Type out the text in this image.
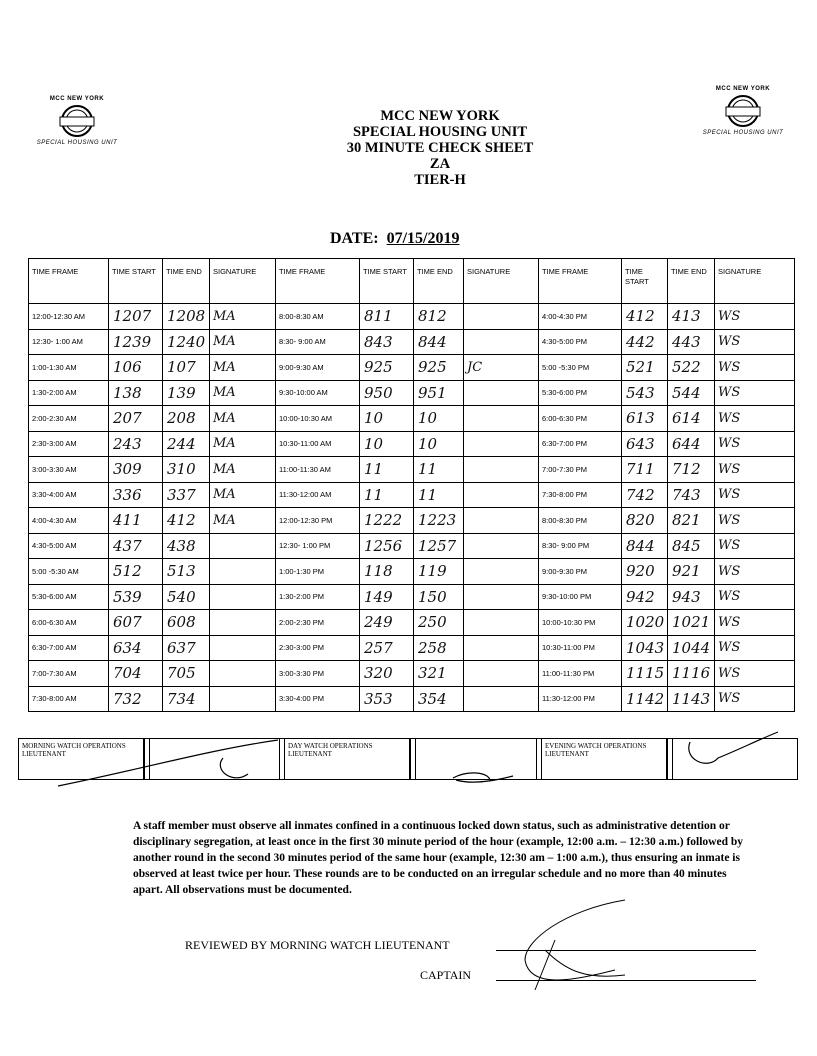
MCC NEW YORK
SPECIAL HOUSING UNIT
MCC NEW YORK
SPECIAL HOUSING UNIT
MCC NEW YORK
SPECIAL HOUSING UNIT
30 MINUTE CHECK SHEET
ZA
TIER-H
DATE: 07/15/2019
TIME FRAME	TIME START	TIME END	SIGNATURE	TIME FRAME	TIME START	TIME END	SIGNATURE	TIME FRAME	TIME START	TIME END	SIGNATURE
12:00-12:30 AM	1207	1208	MA	8:00-8:30 AM	811	812		4:00-4:30 PM	412	413	WS
12:30- 1:00 AM	1239	1240	MA	8:30- 9:00 AM	843	844		4:30-5:00 PM	442	443	WS
1:00-1:30 AM	106	107	MA	9:00-9:30 AM	925	925	JC	5:00 -5:30 PM	521	522	WS
1:30-2:00 AM	138	139	MA	9:30-10:00 AM	950	951		5:30-6:00 PM	543	544	WS
2:00-2:30 AM	207	208	MA	10:00-10:30 AM	10	10		6:00-6:30 PM	613	614	WS
2:30-3:00 AM	243	244	MA	10:30-11:00 AM	10	10		6:30-7:00 PM	643	644	WS
3:00-3:30 AM	309	310	MA	11:00-11:30 AM	11	11		7:00-7:30 PM	711	712	WS
3:30-4:00 AM	336	337	MA	11:30-12:00 AM	11	11		7:30-8:00 PM	742	743	WS
4:00-4:30 AM	411	412	MA	12:00-12:30 PM	1222	1223		8:00-8:30 PM	820	821	WS
4:30-5:00 AM	437	438		12:30- 1:00 PM	1256	1257		8:30- 9:00 PM	844	845	WS
5:00 -5:30 AM	512	513		1:00-1:30 PM	118	119		9:00-9:30 PM	920	921	WS
5:30-6:00 AM	539	540		1:30-2:00 PM	149	150		9:30-10:00 PM	942	943	WS
6:00-6:30 AM	607	608		2:00-2:30 PM	249	250		10:00-10:30 PM	1020	1021	WS
6:30-7:00 AM	634	637		2:30-3:00 PM	257	258		10:30-11:00 PM	1043	1044	WS
7:00-7:30 AM	704	705		3:00-3:30 PM	320	321		11:00-11:30 PM	1115	1116	WS
7:30-8:00 AM	732	734		3:30-4:00 PM	353	354		11:30-12:00 PM	1142	1143	WS
MORNING WATCH OPERATIONS LIEUTENANT
DAY WATCH OPERATIONS LIEUTENANT
EVENING WATCH OPERATIONS LIEUTENANT
A staff member must observe all inmates confined in a continuous locked down status, such as administrative detention or disciplinary segregation, at least once in the first 30 minute period of the hour (example, 12:00 a.m. – 12:30 a.m.) followed by another round in the second 30 minutes period of the same hour (example, 12:30 am – 1:00 a.m.), thus ensuring an inmate is observed at least twice per hour. These rounds are to be conducted on an irregular schedule and no more than 40 minutes apart. All observations must be documented.
REVIEWED BY MORNING WATCH LIEUTENANT
CAPTAIN
